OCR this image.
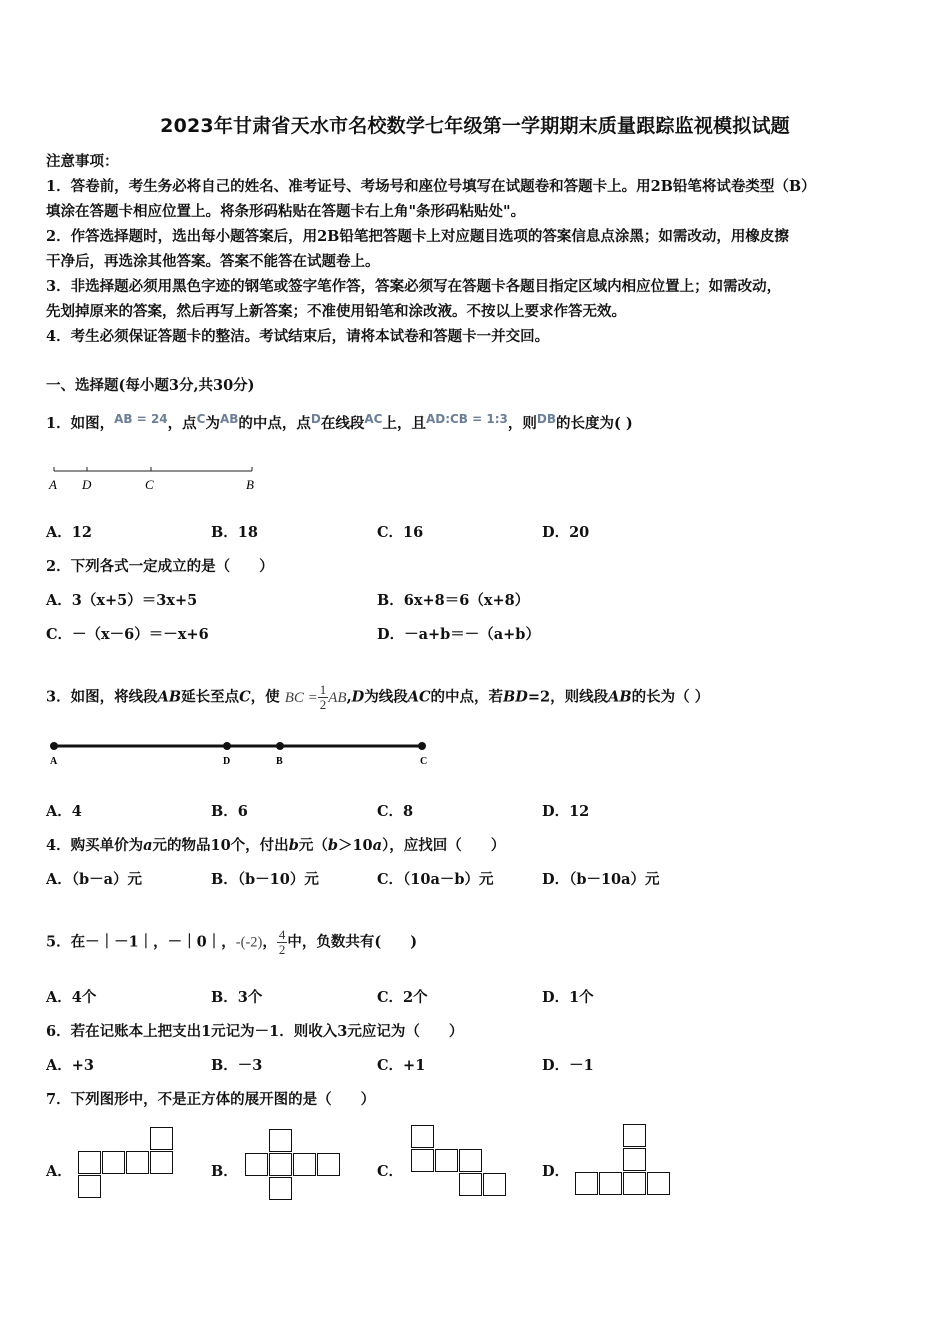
2023年甘肃省天水市名校数学七年级第一学期期末质量跟踪监视模拟试题
注意事项：
1．答卷前，考生务必将自己的姓名、准考证号、考场号和座位号填写在试题卷和答题卡上。用2B铅笔将试卷类型（B）
填涂在答题卡相应位置上。将条形码粘贴在答题卡右上角"条形码粘贴处"。
2．作答选择题时，选出每小题答案后，用2B铅笔把答题卡上对应题目选项的答案信息点涂黑；如需改动，用橡皮擦
干净后，再选涂其他答案。答案不能答在试题卷上。
3．非选择题必须用黑色字迹的钢笔或签字笔作答，答案必须写在答题卡各题目指定区域内相应位置上；如需改动，
先划掉原来的答案，然后再写上新答案；不准使用铅笔和涂改液。不按以上要求作答无效。
4．考生必须保证答题卡的整洁。考试结束后，请将本试卷和答题卡一并交回。
一、选择题(每小题3分,共30分)
1．如图，$^{AB = 24}$，点$^C$为$^{AB}$的中点，点$^D$在线段$^{AC}$上，且$^{AD:CB = 1:3}$，则$^{DB}$的长度为( )
A D	C	B
A．12	B．18	C．16	D．20
2．下列各式一定成立的是（　　）
A．3（x+5）＝3x+5	B．6x+8＝6（x+8）
C．－（x－6）＝－x+6	D．－a+b＝－（a+b）
3．如图，将线段AB延长至点C，使 BC = $\frac{1}{2} AB,D$为线段AC的中点，若BD=2，则线段AB的长为（ ）
A	D	B	C
A．4	B．6	C．8	D．12
4．购买单价为a元的物品10个，付出b元（b＞10a），应找回（　　）
A．（b－a）元	B．（b－10）元	C．（10a－b）元	D．（b－10a）元
5．在－｜－1｜，－｜0｜，-(-2)， $\frac{4}{2}$ 中，负数共有(　　)
A．4个	B．3个	C．2个	D．1个
6．若在记账本上把支出1元记为－1．则收入3元应记为（　　）
A．+3	B．－3	C．+1	D．－1
7．下列图形中，不是正方体的展开图的是（　　）
A．	B．	C．	D．
